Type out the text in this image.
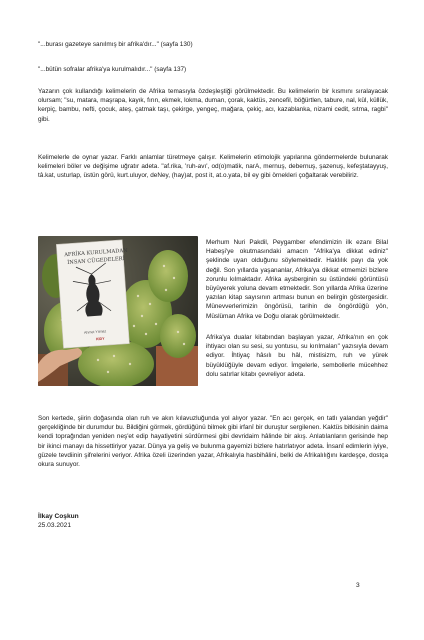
"...burası gazeteye sanılmış bir afrika'dır..." (sayfa 130)
"...bütün sofralar afrika'ya kurulmalıdır..." (sayfa 137)
Yazarın çok kullandığı kelimelerin de Afrika temasıyla özdeşleştiği görülmektedir. Bu kelimelerin bir kısmını sıralayacak olursam; "su, matara, maşrapa, kayık, fırın, ekmek, lokma, duman, çorak, kaktüs, zencefil, böğürtlen, tabure, nal, kül, küllük, kerpiç, bambu, nefti, çocuk, ateş, çatmak taşı, çekirge, yengeç, mağara, çekiç, acı, kazablanka, nizami cedit, sıtma, ragbi" gibi.
Kelimelerle de oynar yazar. Farklı anlamlar türetmeye çalışır. Kelimelerin etimolojik yapılarına göndermelerde bulunarak kelimeleri böler ve değişime uğratır adeta. "af.rika, 'ruh-avı', od(o)matik, narA, mernuş, debernuş, şazenuş, kefeştatayyuş, tâ.kat, usturlap, üstün görü, kurt.uluyor, deNey, (hay)at, post it, at.o.yata, bil ey gibi örnekleri çoğaltarak verebiliriz.
AFRİKA KURULMADAN
İNSAN CÜGEDELERİ
Ahmet Yılmaz
KIDY
Merhum Nuri Pakdil, Peygamber efendimizin ilk ezanı Bilal Habeşi'ye okutmasındaki amacın "Afrika'ya dikkat ediniz" şeklinde uyarı olduğunu söylemektedir. Haklılık payı da yok değil. Son yıllarda yaşananlar, Afrika'ya dikkat etmemizi bizlere zorunlu kılmaktadır. Afrika aysberginin su üstündeki görüntüsü büyüyerek yoluna devam etmektedir. Son yıllarda Afrika üzerine yazılan kitap sayısının artması bunun en belirgin göstergesidir. Münevverlerimizin öngörüsü, tarihin de öngördüğü yön, Müslüman Afrika ve Doğu olarak görülmektedir.
Afrika'ya dualar kitabından başlayan yazar, Afrika'nın en çok ihtiyacı olan su sesi, su yontusu, su kırılmaları" yazısıyla devam ediyor. İhtiyaç hâsılı bu hâl, mistisizm, ruh ve yürek büyüklüğüyle devam ediyor. İmgelerle, sembollerle mücehhez dolu satırlar kitabı çevreliyor adeta.
Son kertede, şiirin doğasında olan ruh ve akın kılavuzluğunda yol alıyor yazar. "En acı gerçek, en tatlı yalandan yeğdir" gerçekliğinde bir durumdur bu. Bildiğini görmek, gördüğünü bilmek gibi irfanî bir duruştur sergilenen. Kaktüs bitkisinin daima kendi toprağından yeniden neş'et edip hayatiyetini sürdürmesi gibi devridaim hâlinde bir akış. Anlatılanların gerisinde hep bir ikinci manayı da hissettiriyor yazar. Dünya ya geliş ve bulunma gayemizi bizlere hatırlatıyor adeta. İnsanî edimlerin iyiye, güzele tevdiinin şifrelerini veriyor. Afrika özeli üzerinden yazar, Afrikalıyla hasbihâlini, belki de Afrikalılığını kardeşçe, dostça okura sunuyor.
İlkay Coşkun
25.03.2021
3
